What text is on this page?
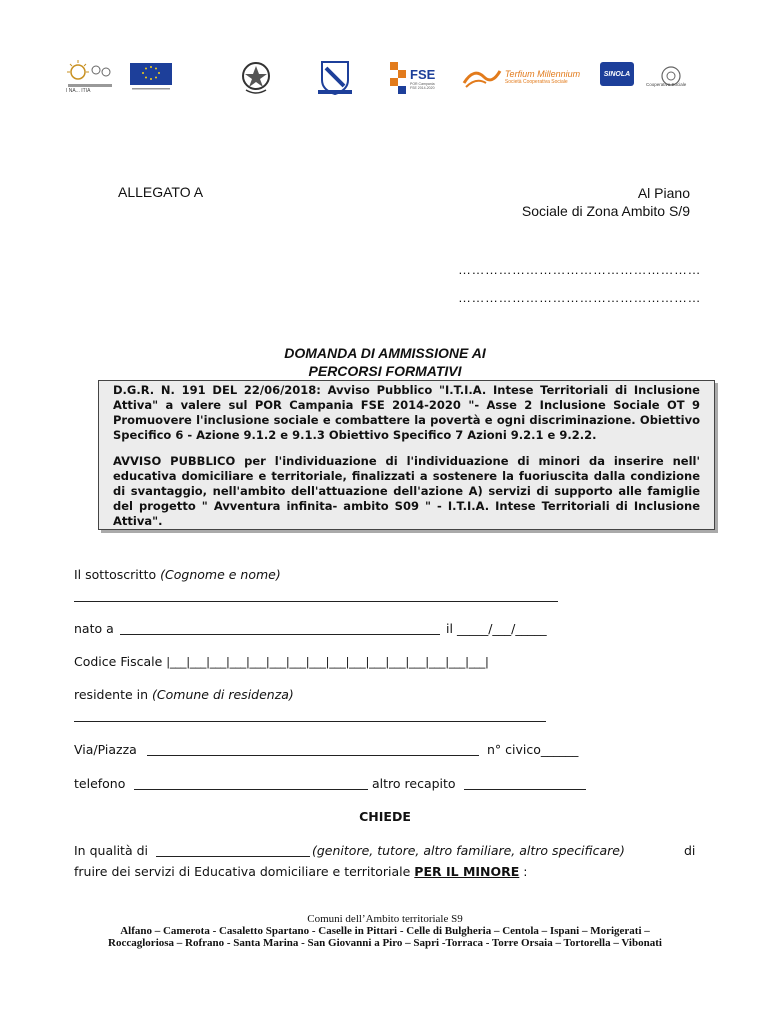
I NA... ITIA
FSE
POR Campania FSE 2014-2020
Terfium Millennium
Società Cooperativa Sociale
SINOLA
Cooperativa Sociale
ALLEGATO A	Al Piano
Sociale di Zona Ambito S/9
………………………………………………
………………………………………………
DOMANDA DI AMMISSIONE AI
PERCORSI FORMATIVI

D.G.R. N. 191 DEL 22/06/2018: Avviso Pubblico "I.T.I.A. Intese Territoriali di Inclusione Attiva" a valere sul POR Campania FSE 2014-2020 "- Asse 2 Inclusione Sociale OT 9 Promuovere l'inclusione sociale e combattere la povertà e ogni discriminazione. Obiettivo Specifico 6 - Azione 9.1.2 e 9.1.3 Obiettivo Specifico 7 Azioni 9.2.1 e 9.2.2.

AVVISO PUBBLICO per l'individuazione di l'individuazione di minori da inserire nell' educativa domiciliare e territoriale, finalizzati a sostenere la fuoriuscita dalla condizione di svantaggio, nell'ambito dell'attuazione dell'azione A) servizi di supporto alle famiglie del progetto " Avventura infinita- ambito S09 " - I.T.I.A. Intese Territoriali di Inclusione Attiva".

Il sottoscritto (Cognome e nome)
nato a	il _____/___/_____
Codice Fiscale |___|___|___|___|___|___|___|___|___|___|___|___|___|___|___|___|
residente in (Comune di residenza)
Via/Piazza	n° civico______
telefono	altro recapito
CHIEDE
In qualità di	(genitore, tutore, altro familiare, altro specificare)	di
fruire dei servizi di Educativa domiciliare e territoriale PER IL MINORE :
Comuni dell’Ambito territoriale S9
Alfano – Camerota - Casaletto Spartano - Caselle in Pittari - Celle di Bulgheria – Centola – Ispani – Morigerati –
Roccagloriosa – Rofrano - Santa Marina - San Giovanni a Piro – Sapri -Torraca - Torre Orsaia – Tortorella – Vibonati
